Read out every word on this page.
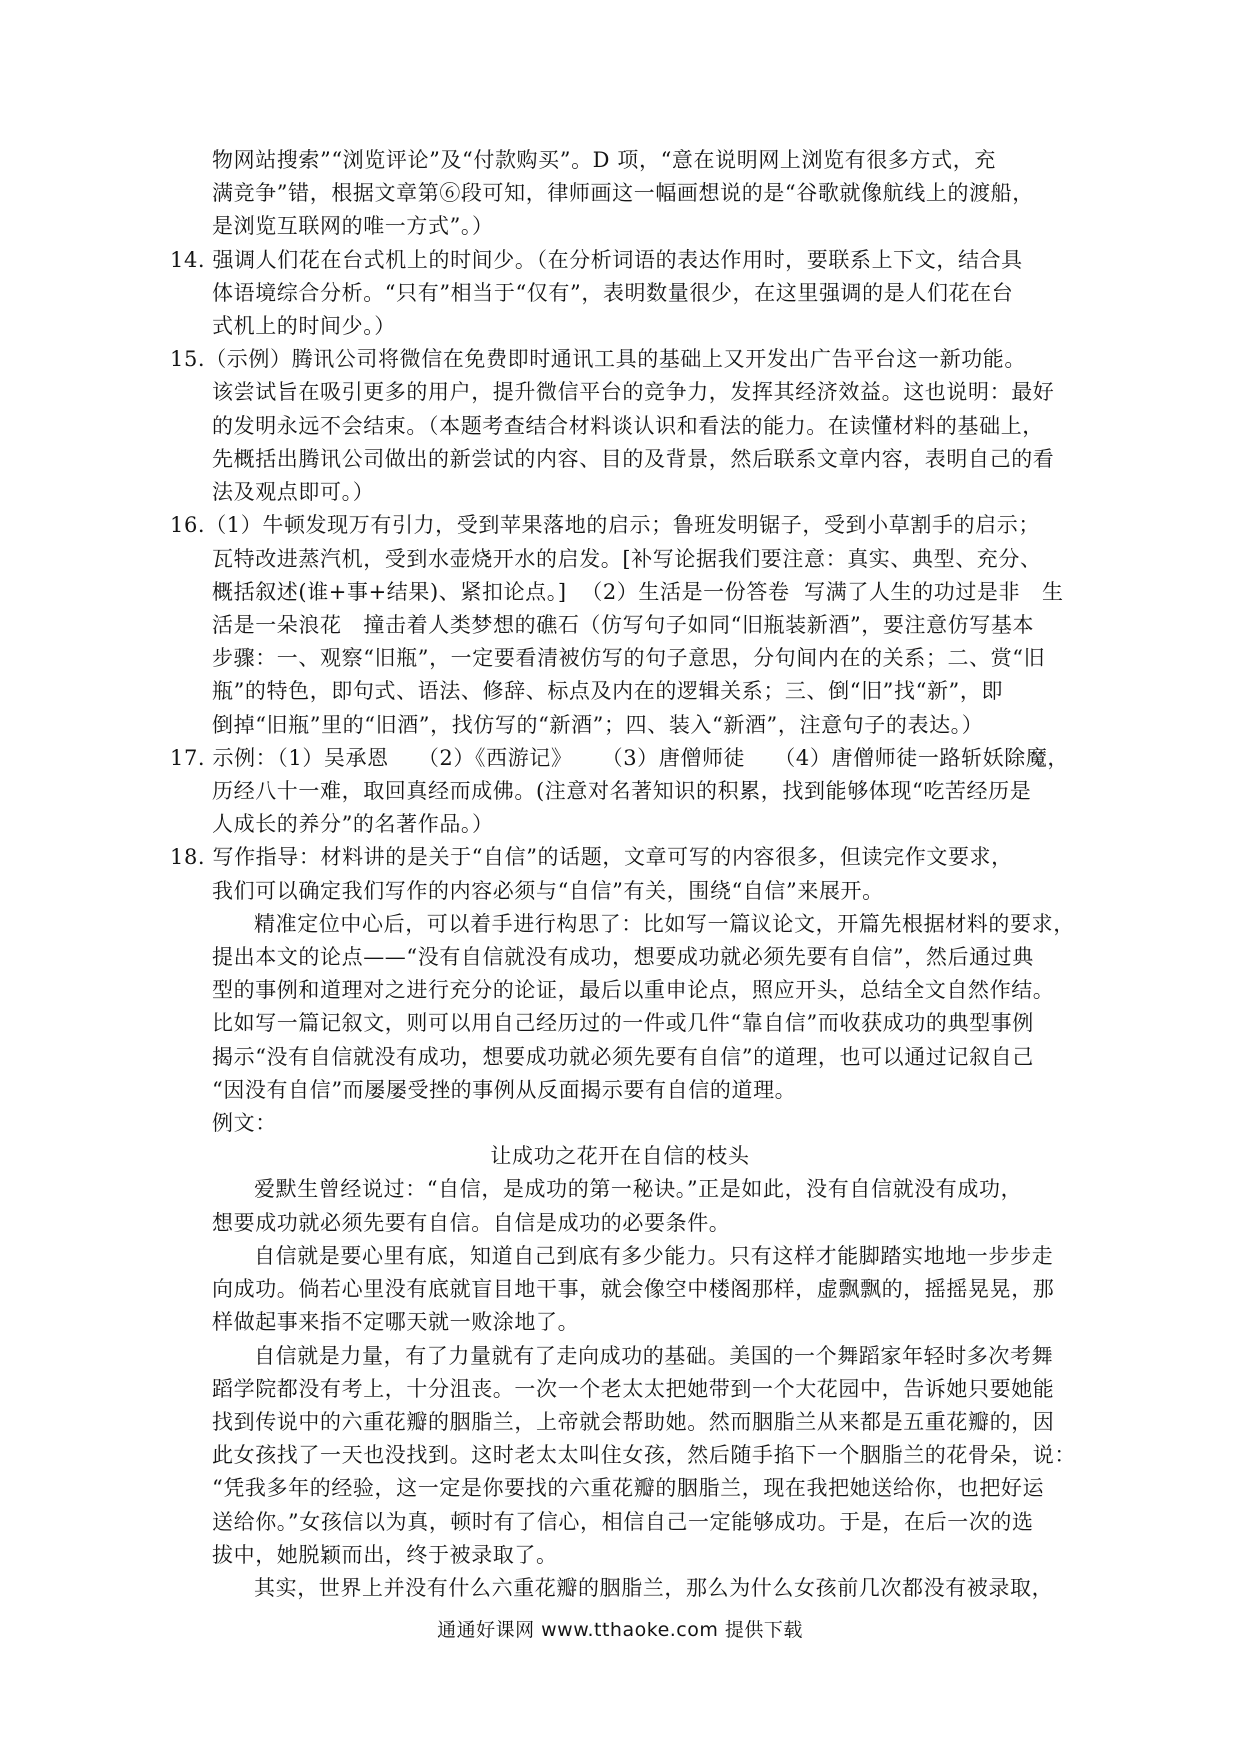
物网站搜索”“浏览评论”及“付款购买”。D 项，“意在说明网上浏览有很多方式，充

满竞争”错，根据文章第⑥段可知，律师画这一幅画想说的是“谷歌就像航线上的渡船，

是浏览互联网的唯一方式”。）

14. 强调人们花在台式机上的时间少。（在分析词语的表达作用时，要联系上下文，结合具

体语境综合分析。“只有”相当于“仅有”，表明数量很少，在这里强调的是人们花在台

式机上的时间少。）

15.（示例）腾讯公司将微信在免费即时通讯工具的基础上又开发出广告平台这一新功能。

该尝试旨在吸引更多的用户，提升微信平台的竞争力，发挥其经济效益。这也说明：最好

的发明永远不会结束。（本题考查结合材料谈认识和看法的能力。在读懂材料的基础上，

先概括出腾讯公司做出的新尝试的内容、目的及背景，然后联系文章内容，表明自己的看

法及观点即可。）

16.（1）牛顿发现万有引力，受到苹果落地的启示；鲁班发明锯子，受到小草割手的启示；

瓦特改进蒸汽机，受到水壶烧开水的启发。[补写论据我们要注意：真实、典型、充分、

概括叙述(谁+事+结果)、紧扣论点。]  （2）生活是一份答卷  写满了人生的功过是非   生

活是一朵浪花   撞击着人类梦想的礁石（仿写句子如同“旧瓶装新酒”，要注意仿写基本

步骤：一、观察“旧瓶”，一定要看清被仿写的句子意思，分句间内在的关系；二、赏“旧

瓶”的特色，即句式、语法、修辞、标点及内在的逻辑关系；三、倒“旧”找“新”，即

倒掉“旧瓶”里的“旧酒”，找仿写的“新酒”；四、装入“新酒”，注意句子的表达。）

17. 示例：（1）吴承恩    （2）《西游记》    （3）唐僧师徒    （4）唐僧师徒一路斩妖除魔，

历经八十一难，取回真经而成佛。(注意对名著知识的积累，找到能够体现“吃苦经历是

人成长的养分”的名著作品。）

18. 写作指导：材料讲的是关于“自信”的话题，文章可写的内容很多，但读完作文要求，

我们可以确定我们写作的内容必须与“自信”有关，围绕“自信”来展开。

精准定位中心后，可以着手进行构思了：比如写一篇议论文，开篇先根据材料的要求，

提出本文的论点——“没有自信就没有成功，想要成功就必须先要有自信”，然后通过典

型的事例和道理对之进行充分的论证，最后以重申论点，照应开头，总结全文自然作结。

比如写一篇记叙文，则可以用自己经历过的一件或几件“靠自信”而收获成功的典型事例

揭示“没有自信就没有成功，想要成功就必须先要有自信”的道理，也可以通过记叙自己

“因没有自信”而屡屡受挫的事例从反面揭示要有自信的道理。

例文：

让成功之花开在自信的枝头

爱默生曾经说过：“自信，是成功的第一秘诀。”正是如此，没有自信就没有成功，

想要成功就必须先要有自信。自信是成功的必要条件。

自信就是要心里有底，知道自己到底有多少能力。只有这样才能脚踏实地地一步步走

向成功。倘若心里没有底就盲目地干事，就会像空中楼阁那样，虚飘飘的，摇摇晃晃，那

样做起事来指不定哪天就一败涂地了。

自信就是力量，有了力量就有了走向成功的基础。美国的一个舞蹈家年轻时多次考舞

蹈学院都没有考上，十分沮丧。一次一个老太太把她带到一个大花园中，告诉她只要她能

找到传说中的六重花瓣的胭脂兰，上帝就会帮助她。然而胭脂兰从来都是五重花瓣的，因

此女孩找了一天也没找到。这时老太太叫住女孩，然后随手掐下一个胭脂兰的花骨朵，说：

“凭我多年的经验，这一定是你要找的六重花瓣的胭脂兰，现在我把她送给你，也把好运

送给你。”女孩信以为真，顿时有了信心，相信自己一定能够成功。于是，在后一次的选

拔中，她脱颖而出，终于被录取了。

其实，世界上并没有什么六重花瓣的胭脂兰，那么为什么女孩前几次都没有被录取，

通通好课网 www.tthaoke.com 提供下载
